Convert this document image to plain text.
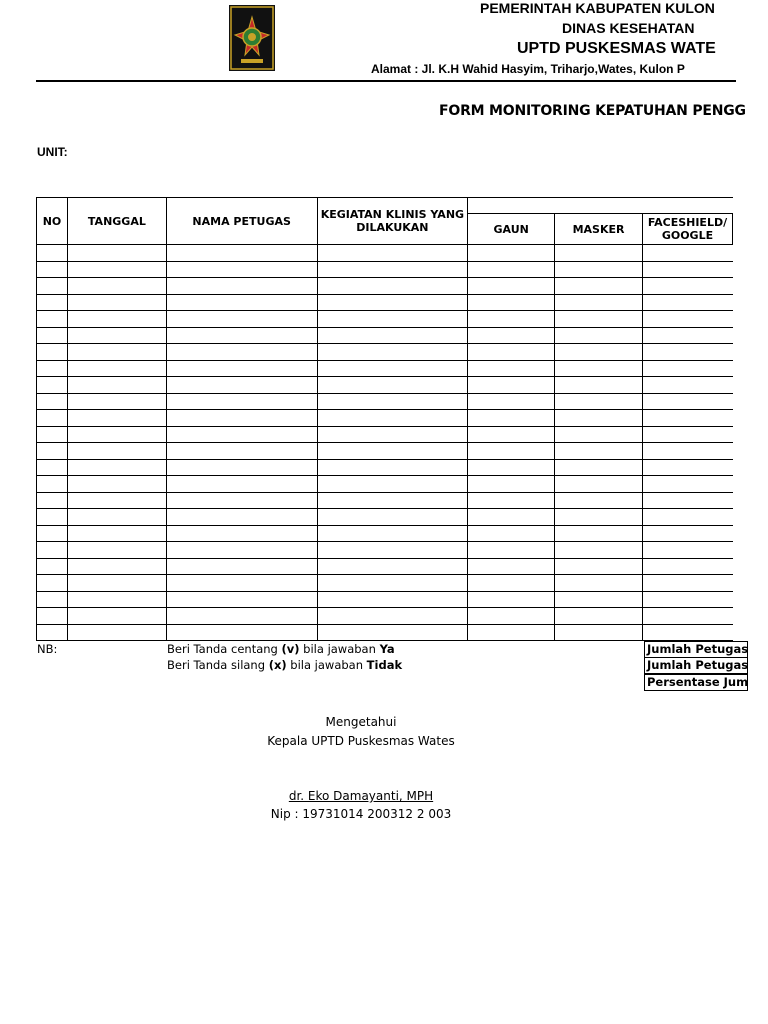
PEMERINTAH KABUPATEN KULON
DINAS KESEHATAN
UPTD PUSKESMAS WATE
Alamat : Jl. K.H Wahid Hasyim, Triharjo,Wates, Kulon P
FORM MONITORING KEPATUHAN PENGG
UNIT:
NO	TANGGAL	NAMA PETUGAS	KEGIATAN KLINIS YANG DILAKUKAN			
				GAUN	MASKER	FACESHIELD/ GOOGLE

NB:	Beri Tanda centang (v) bila jawaban Ya
Beri Tanda silang (x) bila jawaban Tidak
Jumlah Petugas
Jumlah Petugas
Persentase Jum
Mengetahui
Kepala UPTD Puskesmas Wates
dr. Eko Damayanti, MPH
Nip : 19731014 200312 2 003
